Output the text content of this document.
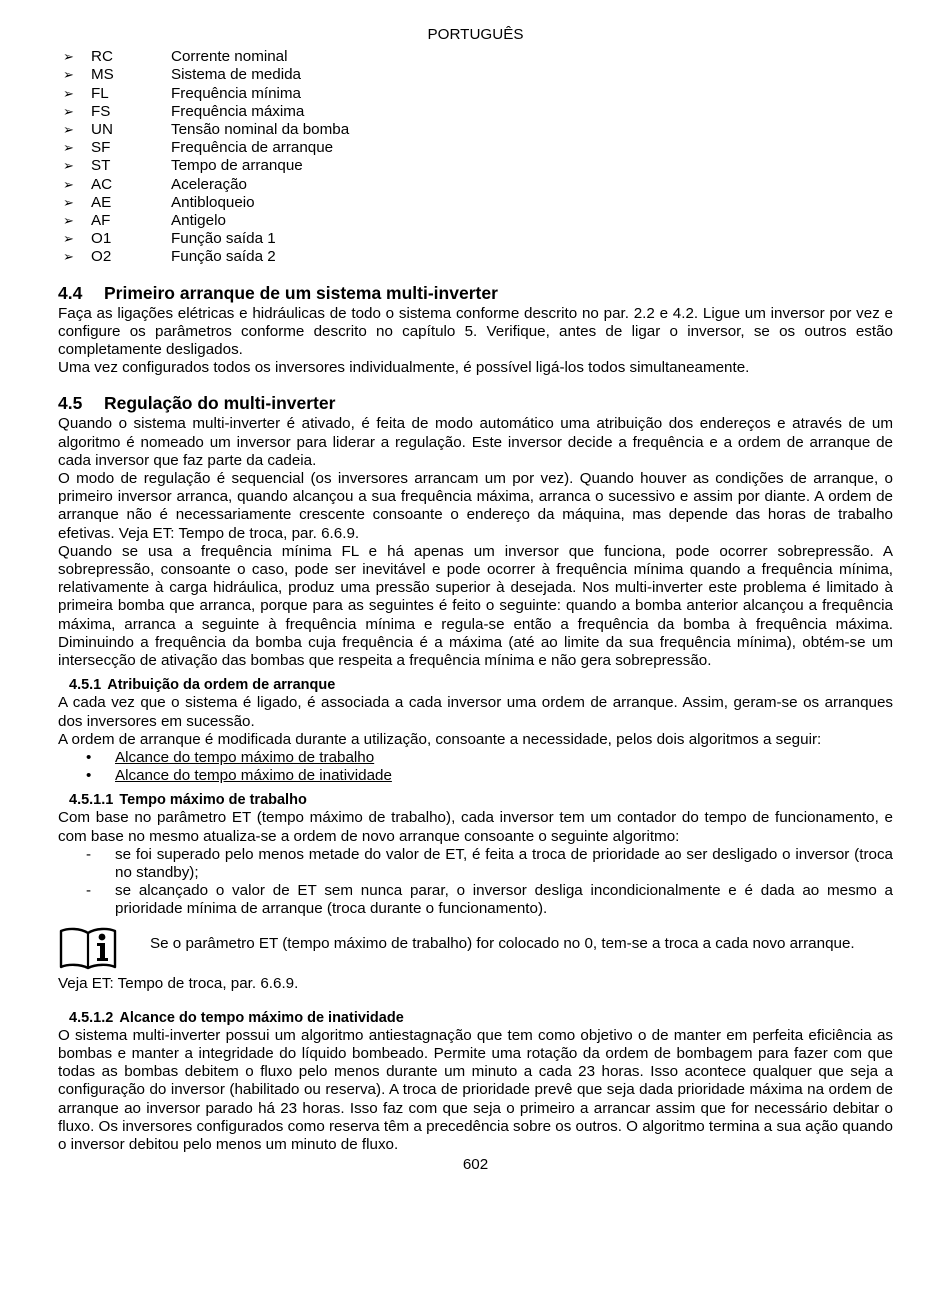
PORTUGUÊS
➢	RC	Corrente nominal
➢	MS	Sistema de medida
➢	FL	Frequência mínima
➢	FS	Frequência máxima
➢	UN	Tensão nominal da bomba
➢	SF	Frequência de arranque
➢	ST	Tempo de arranque
➢	AC	Aceleração
➢	AE	Antibloqueio
➢	AF	Antigelo
➢	O1	Função saída 1
➢	O2	Função saída 2
4.4 Primeiro arranque de um sistema multi-inverter

Faça as ligações elétricas e hidráulicas de todo o sistema conforme descrito no par. 2.2 e 4.2. Ligue um inversor por vez e configure os parâmetros conforme descrito no capítulo 5. Verifique, antes de ligar o inversor, se os outros estão completamente desligados.

Uma vez configurados todos os inversores individualmente, é possível ligá-los todos simultaneamente.

4.5 Regulação do multi-inverter

Quando o sistema multi-inverter é ativado, é feita de modo automático uma atribuição dos endereços e através de um algoritmo é nomeado um inversor para liderar a regulação. Este inversor decide a frequência e a ordem de arranque de cada inversor que faz parte da cadeia.

O modo de regulação é sequencial (os inversores arrancam um por vez). Quando houver as condições de arranque, o primeiro inversor arranca, quando alcançou a sua frequência máxima, arranca o sucessivo e assim por diante. A ordem de arranque não é necessariamente crescente consoante o endereço da máquina, mas depende das horas de trabalho efetivas. Veja ET: Tempo de troca, par. 6.6.9.

Quando se usa a frequência mínima FL e há apenas um inversor que funciona, pode ocorrer sobrepressão. A sobrepressão, consoante o caso, pode ser inevitável e pode ocorrer à frequência mínima quando a frequência mínima, relativamente à carga hidráulica, produz uma pressão superior à desejada. Nos multi-inverter este problema é limitado à primeira bomba que arranca, porque para as seguintes é feito o seguinte: quando a bomba anterior alcançou a frequência máxima, arranca a seguinte à frequência mínima e regula-se então a frequência da bomba à frequência máxima. Diminuindo a frequência da bomba cuja frequência é a máxima (até ao limite da sua frequência mínima), obtém-se um intersecção de ativação das bombas que respeita a frequência mínima e não gera sobrepressão.

4.5.1 Atribuição da ordem de arranque

A cada vez que o sistema é ligado, é associada a cada inversor uma ordem de arranque. Assim, geram-se os arranques dos inversores em sucessão.

A ordem de arranque é modificada durante a utilização, consoante a necessidade, pelos dois algoritmos a seguir:

•	Alcance do tempo máximo de trabalho
•	Alcance do tempo máximo de inatividade
4.5.1.1 Tempo máximo de trabalho

Com base no parâmetro ET (tempo máximo de trabalho), cada inversor tem um contador do tempo de funcionamento, e com base no mesmo atualiza-se a ordem de novo arranque consoante o seguinte algoritmo:

-	se foi superado pelo menos metade do valor de ET, é feita a troca de prioridade ao ser desligado o inversor (troca no standby);
-	se alcançado o valor de ET sem nunca parar, o inversor desliga incondicionalmente e é dada ao mesmo a prioridade mínima de arranque (troca durante o funcionamento).
Se o parâmetro ET (tempo máximo de trabalho) for colocado no 0, tem-se a troca a cada novo arranque.

Veja ET: Tempo de troca, par. 6.6.9.

4.5.1.2 Alcance do tempo máximo de inatividade

O sistema multi-inverter possui um algoritmo antiestagnação que tem como objetivo o de manter em perfeita eficiência as bombas e manter a integridade do líquido bombeado. Permite uma rotação da ordem de bombagem para fazer com que todas as bombas debitem o fluxo pelo menos durante um minuto a cada 23 horas. Isso acontece qualquer que seja a configuração do inversor (habilitado ou reserva). A troca de prioridade prevê que seja dada prioridade máxima na ordem de arranque ao inversor parado há 23 horas. Isso faz com que seja o primeiro a arrancar assim que for necessário debitar o fluxo. Os inversores configurados como reserva têm a precedência sobre os outros. O algoritmo termina a sua ação quando o inversor debitou pelo menos um minuto de fluxo.

602
